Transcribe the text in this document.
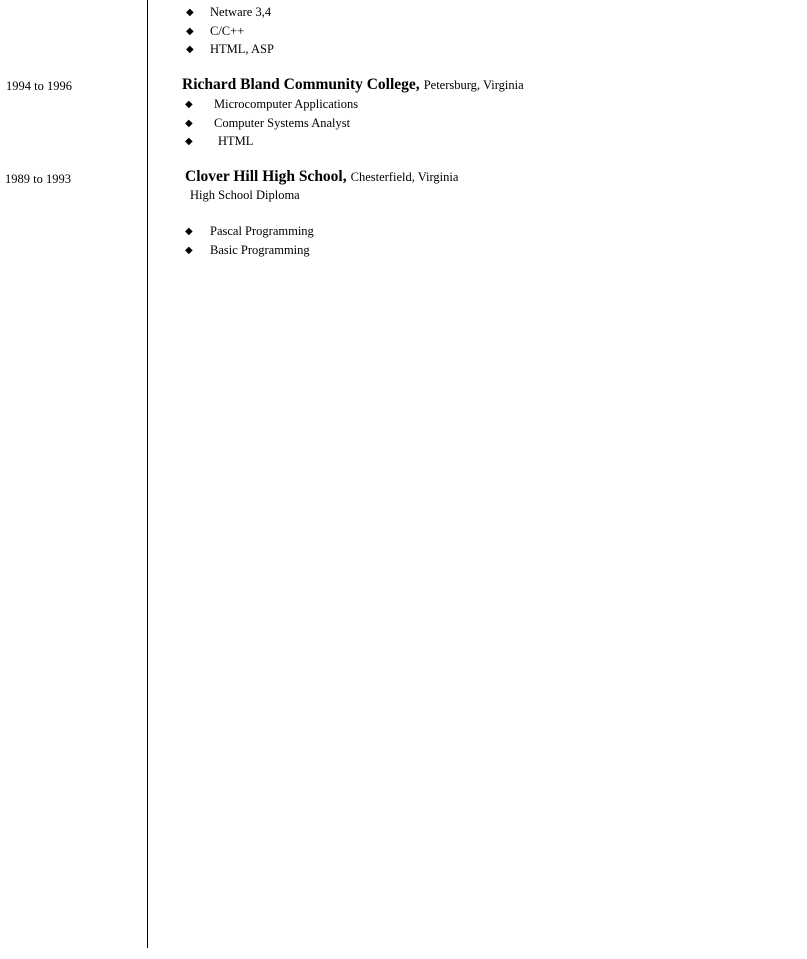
◆ Netware 3,4
◆ C/C++
◆ HTML, ASP
1994 to 1996	Richard Bland Community College, Petersburg, Virginia
◆ Microcomputer Applications
◆ Computer Systems Analyst
◆ HTML
1989 to 1993	Clover Hill High School, Chesterfield, Virginia
High School Diploma
◆ Pascal Programming
◆ Basic Programming
